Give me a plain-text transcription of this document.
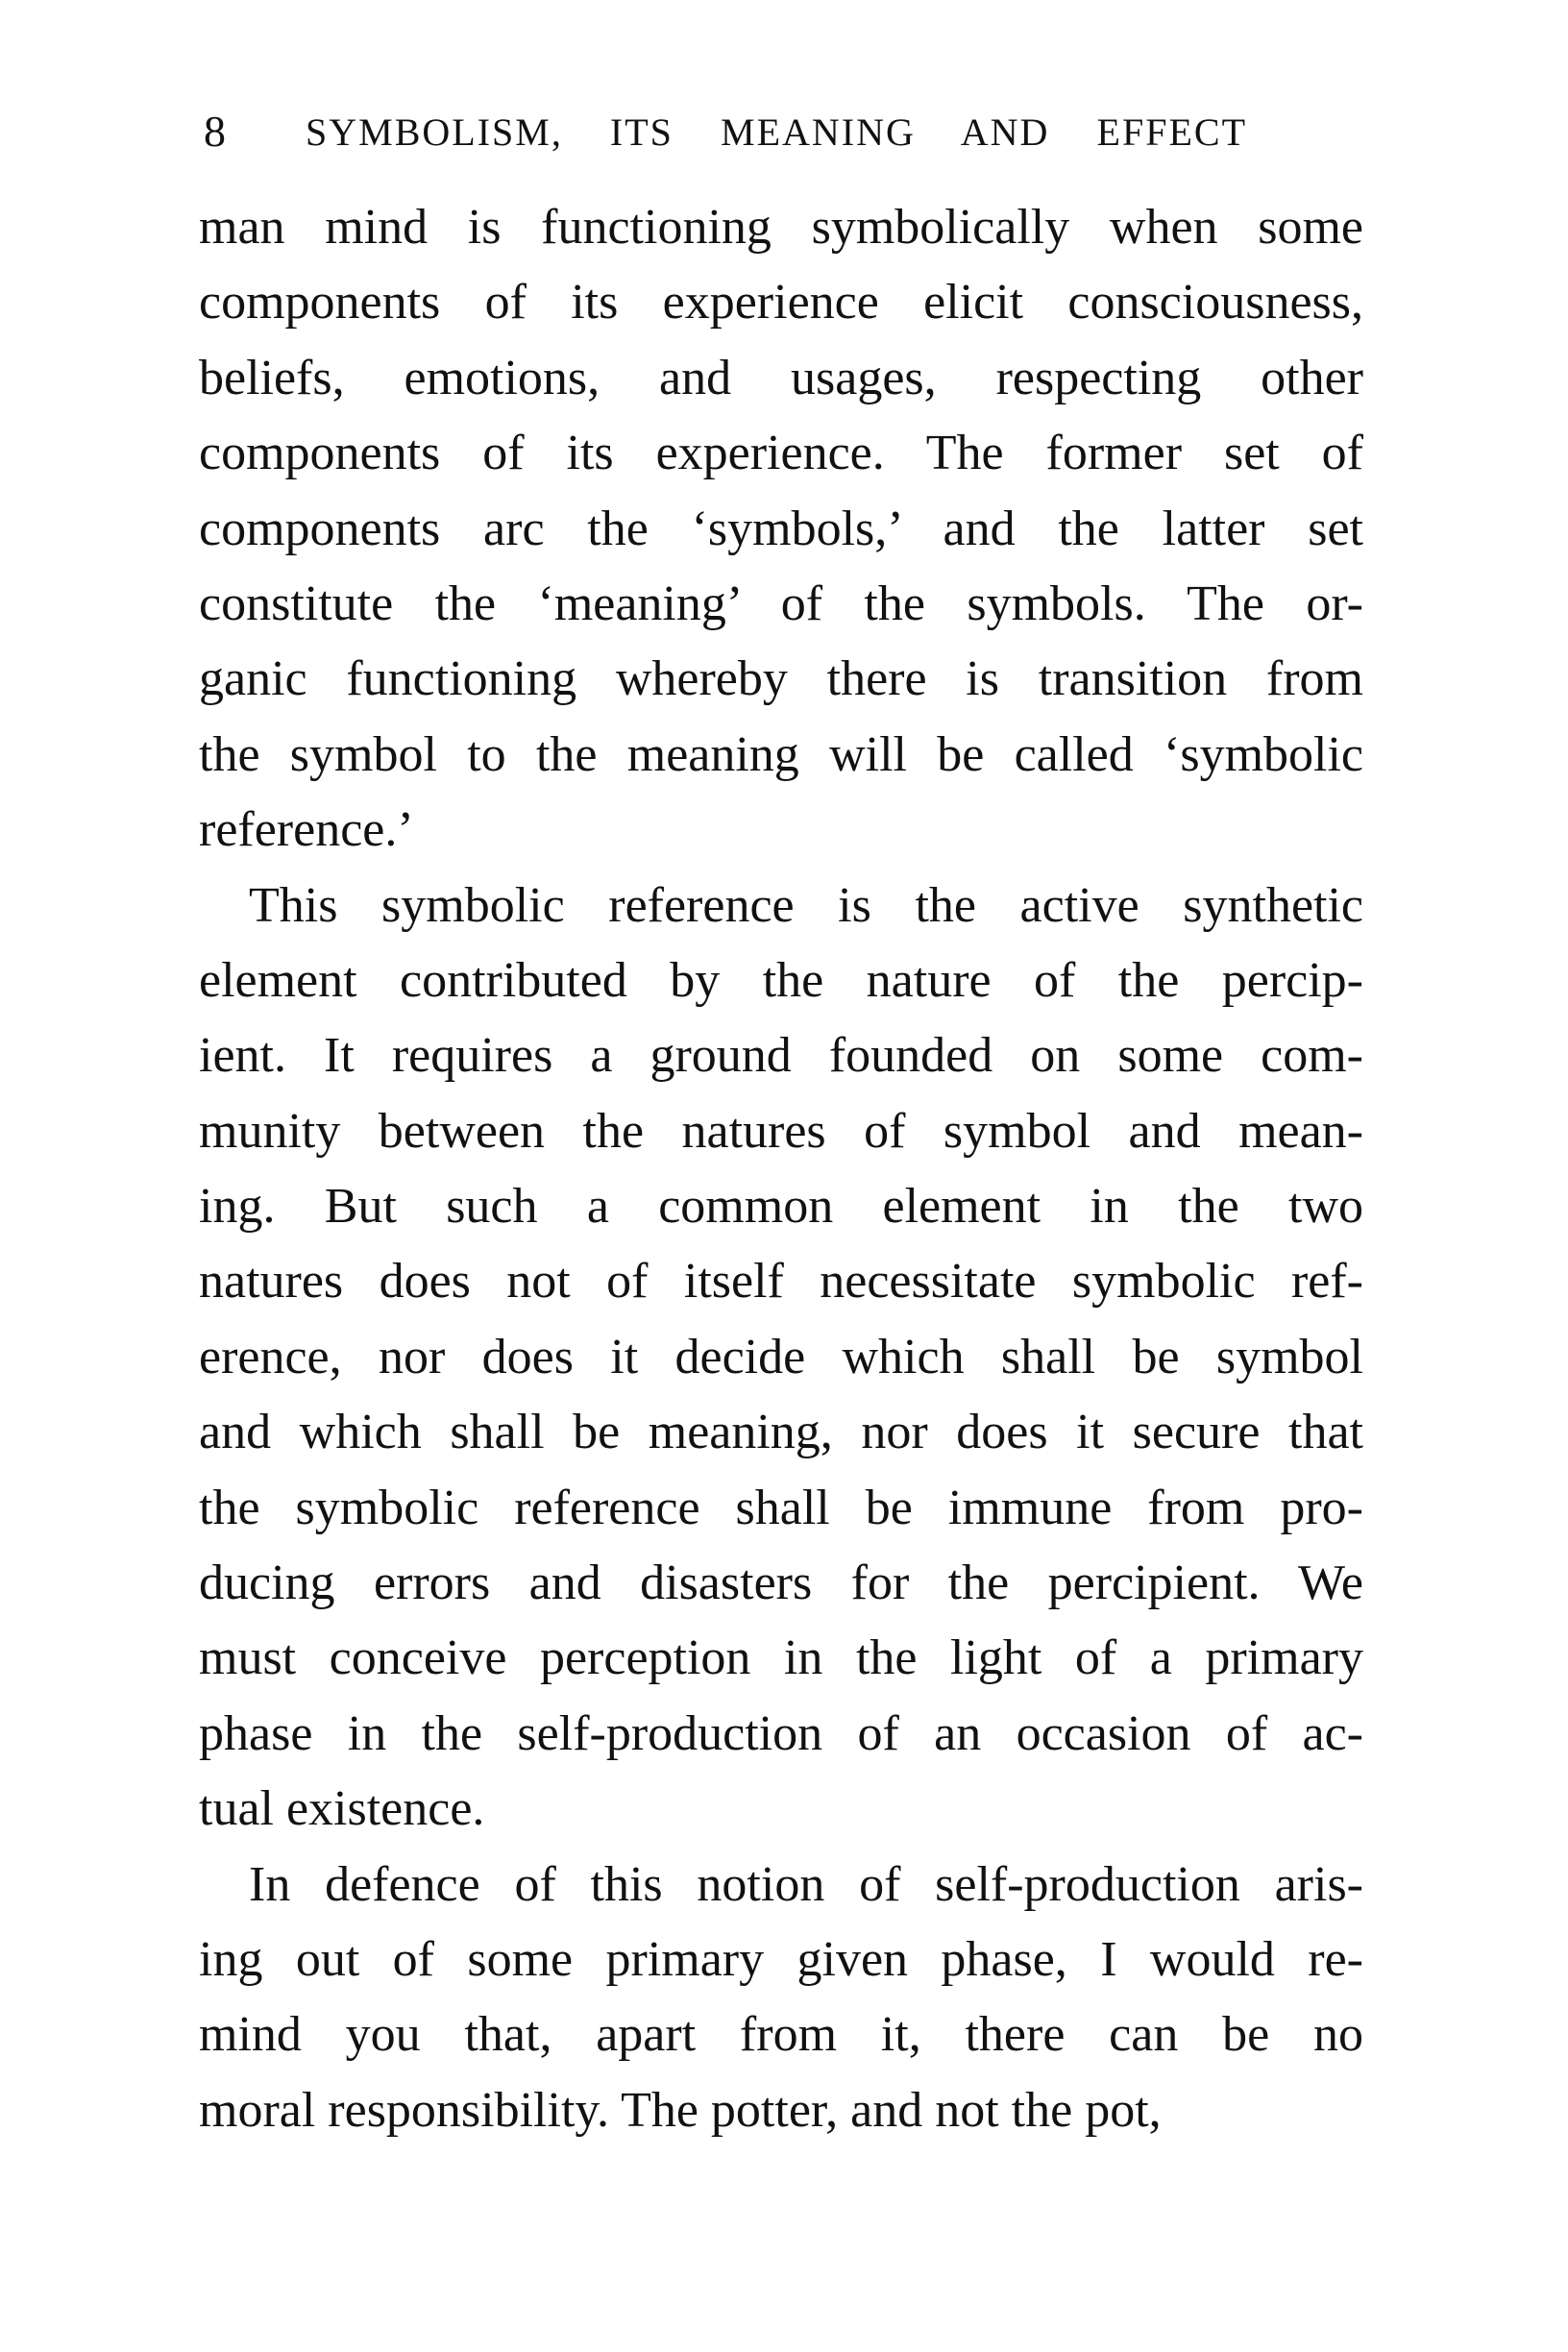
8 SYMBOLISM, ITS MEANING AND EFFECT
man mind is functioning symbolically when some
components of its experience elicit consciousness,
beliefs, emotions, and usages, respecting other
components of its experience. The former set of
components arc the ‘symbols,’ and the latter set
constitute the ‘meaning’ of the symbols. The or-
ganic functioning whereby there is transition from
the symbol to the meaning will be called ‘symbolic
reference.’
This symbolic reference is the active synthetic
element contributed by the nature of the percip-
ient. It requires a ground founded on some com-
munity between the natures of symbol and mean-
ing. But such a common element in the two
natures does not of itself necessitate symbolic ref-
erence, nor does it decide which shall be symbol
and which shall be meaning, nor does it secure that
the symbolic reference shall be immune from pro-
ducing errors and disasters for the percipient. We
must conceive perception in the light of a primary
phase in the self-production of an occasion of ac-
tual existence.
In defence of this notion of self-production aris-
ing out of some primary given phase, I would re-
mind you that, apart from it, there can be no
moral responsibility. The potter, and not the pot,
